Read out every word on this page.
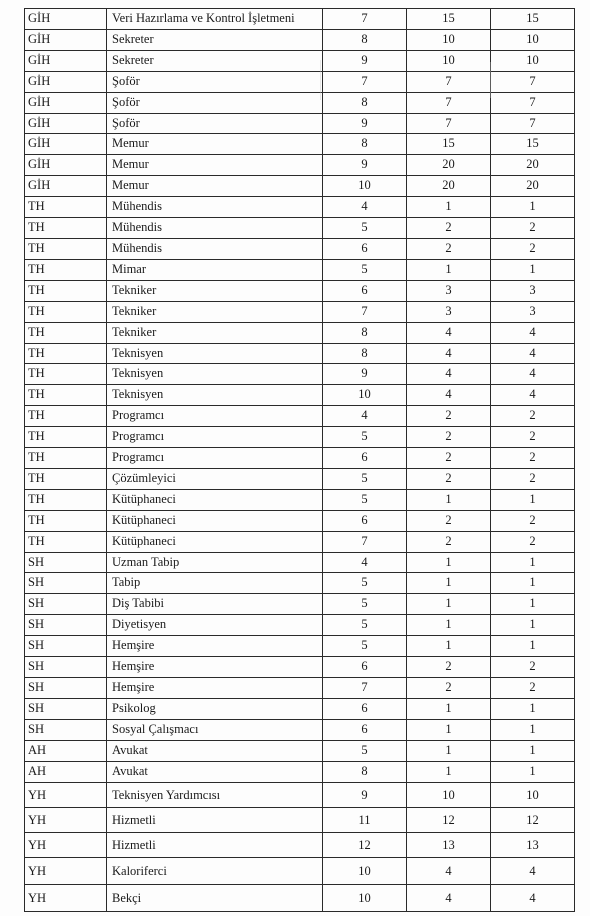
GİH	Veri Hazırlama ve Kontrol İşletmeni	7	15	15
GİH	Sekreter	8	10	10
GİH	Sekreter	9	10	10
GİH	Şoför	7	7	7
GİH	Şoför	8	7	7
GİH	Şoför	9	7	7
GİH	Memur	8	15	15
GİH	Memur	9	20	20
GİH	Memur	10	20	20
TH	Mühendis	4	1	1
TH	Mühendis	5	2	2
TH	Mühendis	6	2	2
TH	Mimar	5	1	1
TH	Tekniker	6	3	3
TH	Tekniker	7	3	3
TH	Tekniker	8	4	4
TH	Teknisyen	8	4	4
TH	Teknisyen	9	4	4
TH	Teknisyen	10	4	4
TH	Programcı	4	2	2
TH	Programcı	5	2	2
TH	Programcı	6	2	2
TH	Çözümleyici	5	2	2
TH	Kütüphaneci	5	1	1
TH	Kütüphaneci	6	2	2
TH	Kütüphaneci	7	2	2
SH	Uzman Tabip	4	1	1
SH	Tabip	5	1	1
SH	Diş Tabibi	5	1	1
SH	Diyetisyen	5	1	1
SH	Hemşire	5	1	1
SH	Hemşire	6	2	2
SH	Hemşire	7	2	2
SH	Psikolog	6	1	1
SH	Sosyal Çalışmacı	6	1	1
AH	Avukat	5	1	1
AH	Avukat	8	1	1
YH	Teknisyen Yardımcısı	9	10	10
YH	Hizmetli	11	12	12
YH	Hizmetli	12	13	13
YH	Kaloriferci	10	4	4
YH	Bekçi	10	4	4
